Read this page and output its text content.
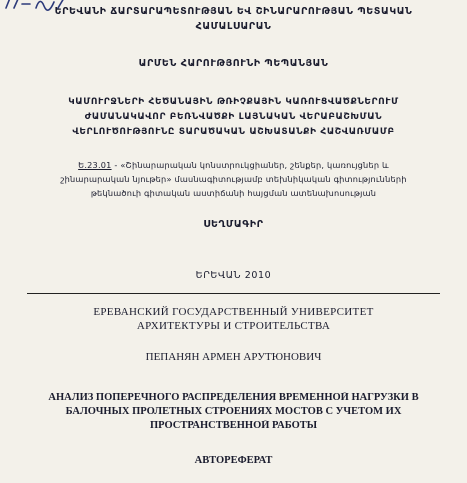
ԵՐԵՎԱՆԻ ՃԱՐՏԱՐԱՊԵՏՈՒԹՅԱՆ ԵՎ ՇԻՆԱՐԱՐՈՒԹՅԱՆ ՊԵՏԱԿԱՆ
ՀԱՄԱԼՍԱՐԱՆ
ԱՐՄԵՆ ՀԱՐՈՒԹՅՈՒՆԻ ՊԵՊԱՆՅԱՆ
ԿԱՄՈՒՐՋՆԵՐԻ ՀԵԾԱՆԱՅԻՆ ԹՌԻՉՔԱՅԻՆ ԿԱՌՈՒՑՎԱԾՔՆԵՐՈՒՄ
ԺԱՄԱՆԱԿԱՎՈՐ ԲԵՌՆՎԱԾՔԻ ԼԱՅՆԱԿԱՆ ՎԵՐԱԲԱՇԽՄԱՆ
ՎԵՐԼՈՒԾՈՒԹՅՈՒՆԸ ՏԱՐԱԾԱԿԱՆ ԱՇԽԱՏԱՆՔԻ ՀԱՇՎԱՌՄԱՄԲ
Ե.23.01 - «Շինարարական կոնստրուկցիաներ, շենքեր, կառույցներ և
շինարարական նյութեր» մասնագիտությամբ տեխնիկական գիտությունների
թեկնածուի գիտական աստիճանի հայցման ատենախոսության
ՍԵՂՄԱԳԻՐ
ԵՐԵՎԱՆ 2010
ЕРЕВАНСКИЙ ГОСУДАРСТВЕННЫЙ УНИВЕРСИТЕТ
АРХИТЕКТУРЫ И СТРОИТЕЛЬСТВА
ПЕПАНЯН АРМЕН АРУТЮНОВИЧ
АНАЛИЗ ПОПЕРЕЧНОГО РАСПРЕДЕЛЕНИЯ ВРЕМЕННОЙ НАГРУЗКИ В
БАЛОЧНЫХ ПРОЛЕТНЫХ СТРОЕНИЯХ МОСТОВ С УЧЕТОМ ИХ
ПРОСТРАНСТВЕННОЙ РАБОТЫ
АВТОРЕФЕРАТ
